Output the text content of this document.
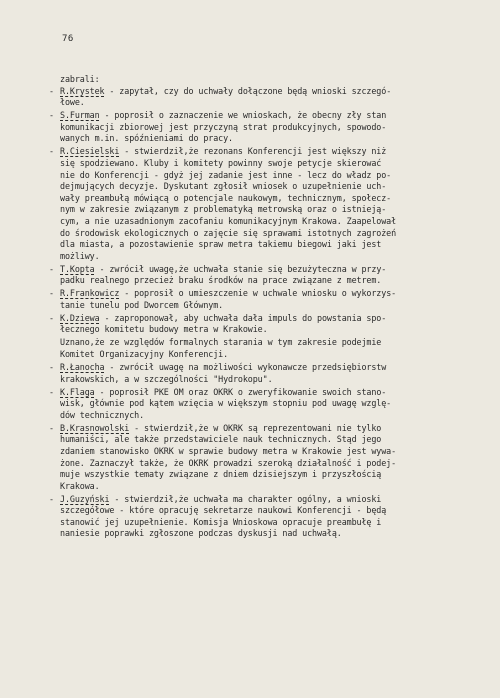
76
zabrali:
- R.Krystek - zapytał, czy do uchwały dołączone będą wnioski szczegó-
łowe.
- S.Furman - poprosił o zaznaczenie we wnioskach, że obecny zły stan
komunikacji zbiorowej jest przyczyną strat produkcyjnych, spowodo-
wanych m.in. spóźnieniami do pracy.
- R.Ciesielski - stwierdził,że rezonans Konferencji jest większy niż
się spodziewano. Kluby i komitety powinny swoje petycje skierować
nie do Konferencji - gdyż jej zadanie jest inne - lecz do władz po-
dejmujących decyzje. Dyskutant zgłosił wniosek o uzupełnienie uch-
wały preambułą mówiącą o potencjale naukowym, technicznym, społecz-
nym w zakresie związanym z problematyką metrowską oraz o istnieją-
cym, a nie uzasadnionym zacofaniu komunikacyjnym Krakowa. Zaapelował
do środowisk ekologicznych o zajęcie się sprawami istotnych zagrożeń
dla miasta, a pozostawienie spraw metra takiemu biegowi jaki jest
możliwy.
- T.Kopta - zwrócił uwagę,że uchwała stanie się bezużyteczna w przy-
padku realnego przecież braku środków na prace związane z metrem.
- R.Frankowicz - poprosił o umieszczenie w uchwale wniosku o wykorzys-
tanie tunelu pod Dworcem Głównym.
- K.Dziewa - zaproponował, aby uchwała dała impuls do powstania spo-
łecznego komitetu budowy metra w Krakowie.
Uznano,że ze względów formalnych starania w tym zakresie podejmie
Komitet Organizacyjny Konferencji.
- R.Łanocha - zwrócił uwagę na możliwości wykonawcze przedsiębiorstw
krakowskich, a w szczególności "Hydrokopu".
- K.Flaga - poprosił PKE OM oraz OKRK o zweryfikowanie swoich stano-
wisk, głównie pod kątem wzięcia w większym stopniu pod uwagę wzglę-
dów technicznych.
- B.Krasnowolski - stwierdził,że w OKRK są reprezentowani nie tylko
humaniści, ale także przedstawiciele nauk technicznych. Stąd jego
zdaniem stanowisko OKRK w sprawie budowy metra w Krakowie jest wywa-
żone. Zaznaczył także, że OKRK prowadzi szeroką działalność i podej-
muje wszystkie tematy związane z dniem dzisiejszym i przyszłością
Krakowa.
- J.Guzyński - stwierdził,że uchwała ma charakter ogólny, a wnioski
szczegółowe - które opracuję sekretarze naukowi Konferencji - będą
stanowić jej uzupełnienie. Komisja Wnioskowa opracuje preambułę i
naniesie poprawki zgłoszone podczas dyskusji nad uchwałą.
